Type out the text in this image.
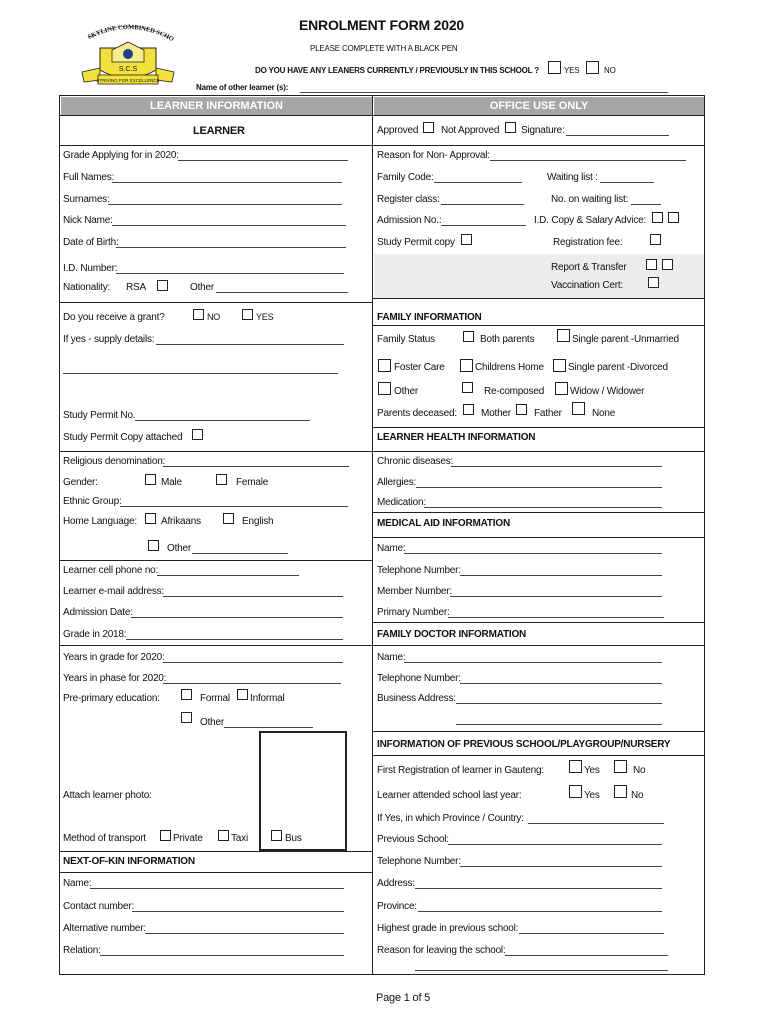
SKYLINE COMBINED SCHO
S.C.S
STRIVING FOR EXCELLENCE
ENROLMENT FORM 2020
PLEASE COMPLETE WITH A BLACK PEN
DO YOU HAVE ANY LEANERS CURRENTLY / PREVIOUSLY IN THIS SCHOOL ?	YES	NO
Name of other learner (s):
LEARNER INFORMATION	OFFICE USE ONLY
LEARNER
Grade Applying for in 2020:
Full Names:
Surnames:
Nick Name:
Date of Birth:
I.D. Number:
Nationality: RSA	Other
Do you receive a grant?	NO	YES
If yes - supply details:
Study Permit No.
Study Permit Copy attached
Religious denomination:
Gender:	Male	Female
Ethnic Group:
Home Language: Afrikaans	English
Other
Learner cell phone no:
Learner e-mail address:
Admission Date:
Grade in 2018:
Years in grade for 2020:
Years in phase for 2020:
Pre-primary education:	Formal Informal
Other
Attach learner photo:
Method of transport	Private	Taxi	Bus
NEXT-OF-KIN INFORMATION
Name:
Contact number:
Alternative number:
Relation:
Approved Not Approved Signature:
Reason for Non- Approval:
Family Code:	Waiting list :
Register class:	No. on waiting list:
Admission No.:	I.D. Copy & Salary Advice:
Study Permit copy	Registration fee:
Report & Transfer
Vaccination Cert:
FAMILY INFORMATION
Family Status	Both parents	Single parent -Unmarried
Foster Care	Childrens Home Single parent -Divorced
Other	Re-composed	Widow / Widower
Parents deceased: Mother Father	None
LEARNER HEALTH INFORMATION
Chronic diseases:
Allergies:
Medication:
MEDICAL AID INFORMATION
Name:
Telephone Number:
Member Number:
Primary Number:
FAMILY DOCTOR INFORMATION
Name:
Telephone Number:
Business Address:
INFORMATION OF PREVIOUS SCHOOL/PLAYGROUP/NURSERY
First Registration of learner in Gauteng:	Yes	No
Learner attended school last year:	Yes	No
If Yes, in which Province / Country:
Previous School:
Telephone Number:
Address:
Province:
Highest grade in previous school:
Reason for leaving the school:
Page 1 of 5
